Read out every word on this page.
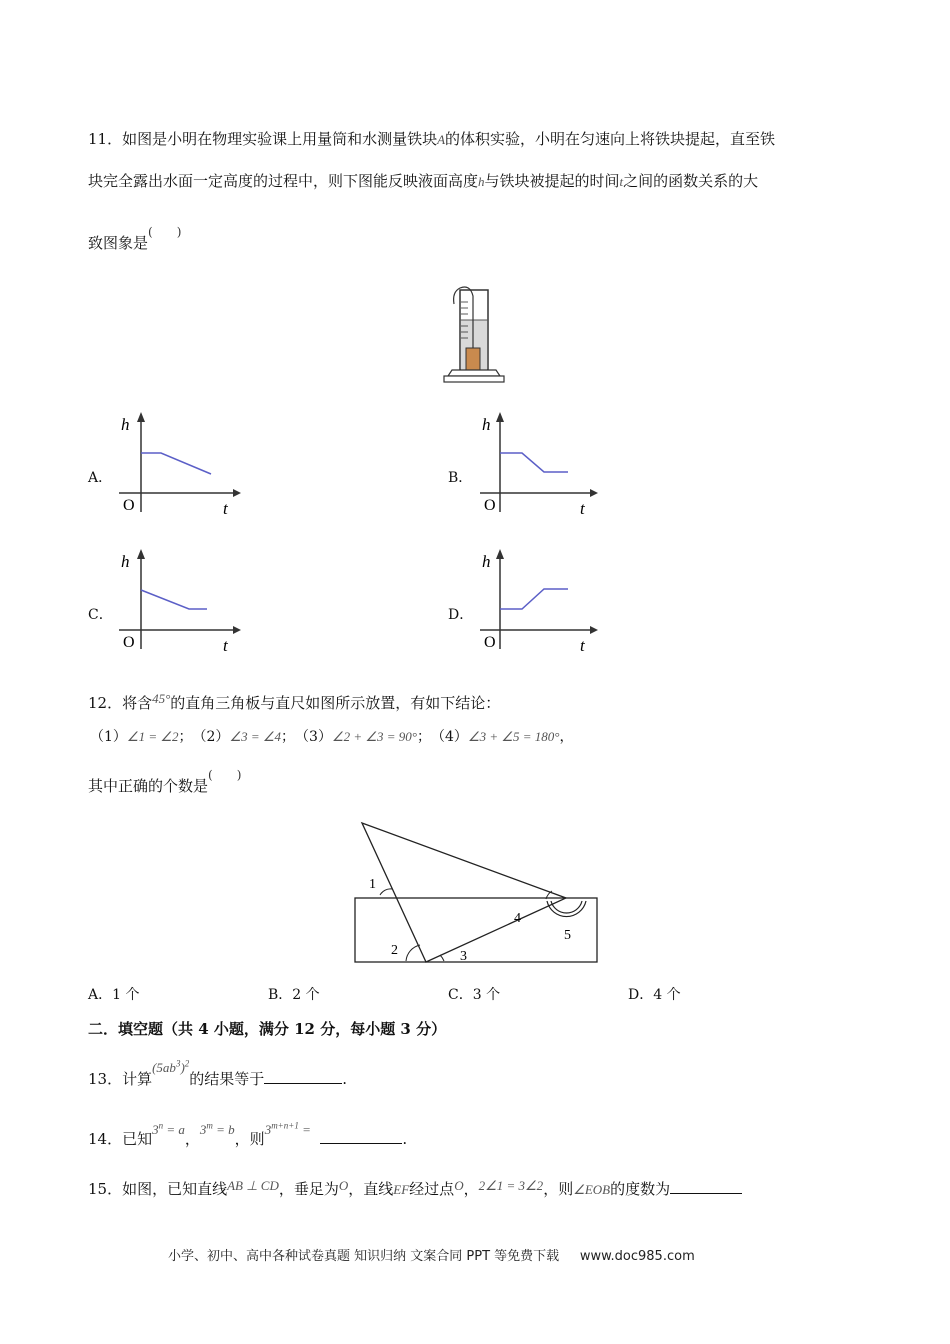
11．如图是小明在物理实验课上用量筒和水测量铁块A的体积实验，小明在匀速向上将铁块提起，直至铁
块完全露出水面一定高度的过程中，则下图能反映液面高度h与铁块被提起的时间t之间的函数关系的大
致图象是(　　)
A．
h
O	t
B．
h
O	t
C．
h
O	t
D．
h
O	t
12．将含45°的直角三角板与直尺如图所示放置，有如下结论：
（1）∠1 = ∠2；　（2）∠3 = ∠4；　（3）∠2 + ∠3 = 90°；　（4）∠3 + ∠5 = 180°，
其中正确的个数是(　　)
1
2	3
4
5
A．1 个	B．2 个	C．3 个	D．4 个
二．填空题（共 4 小题，满分 12 分，每小题 3 分）
13．计算$(5ab^3)^2$的结果等于	.
14．已知$3^n = a$，$3^m = b$，则$3^{m+n+1}$ =  .
15．如图，已知直线AB ⊥ CD，垂足为O，直线EF经过点O，2∠1 = 3∠2，则∠EOB的度数为
小学、初中、高中各种试卷真题 知识归纳 文案合同 PPT 等免费下载 www.doc985.com
